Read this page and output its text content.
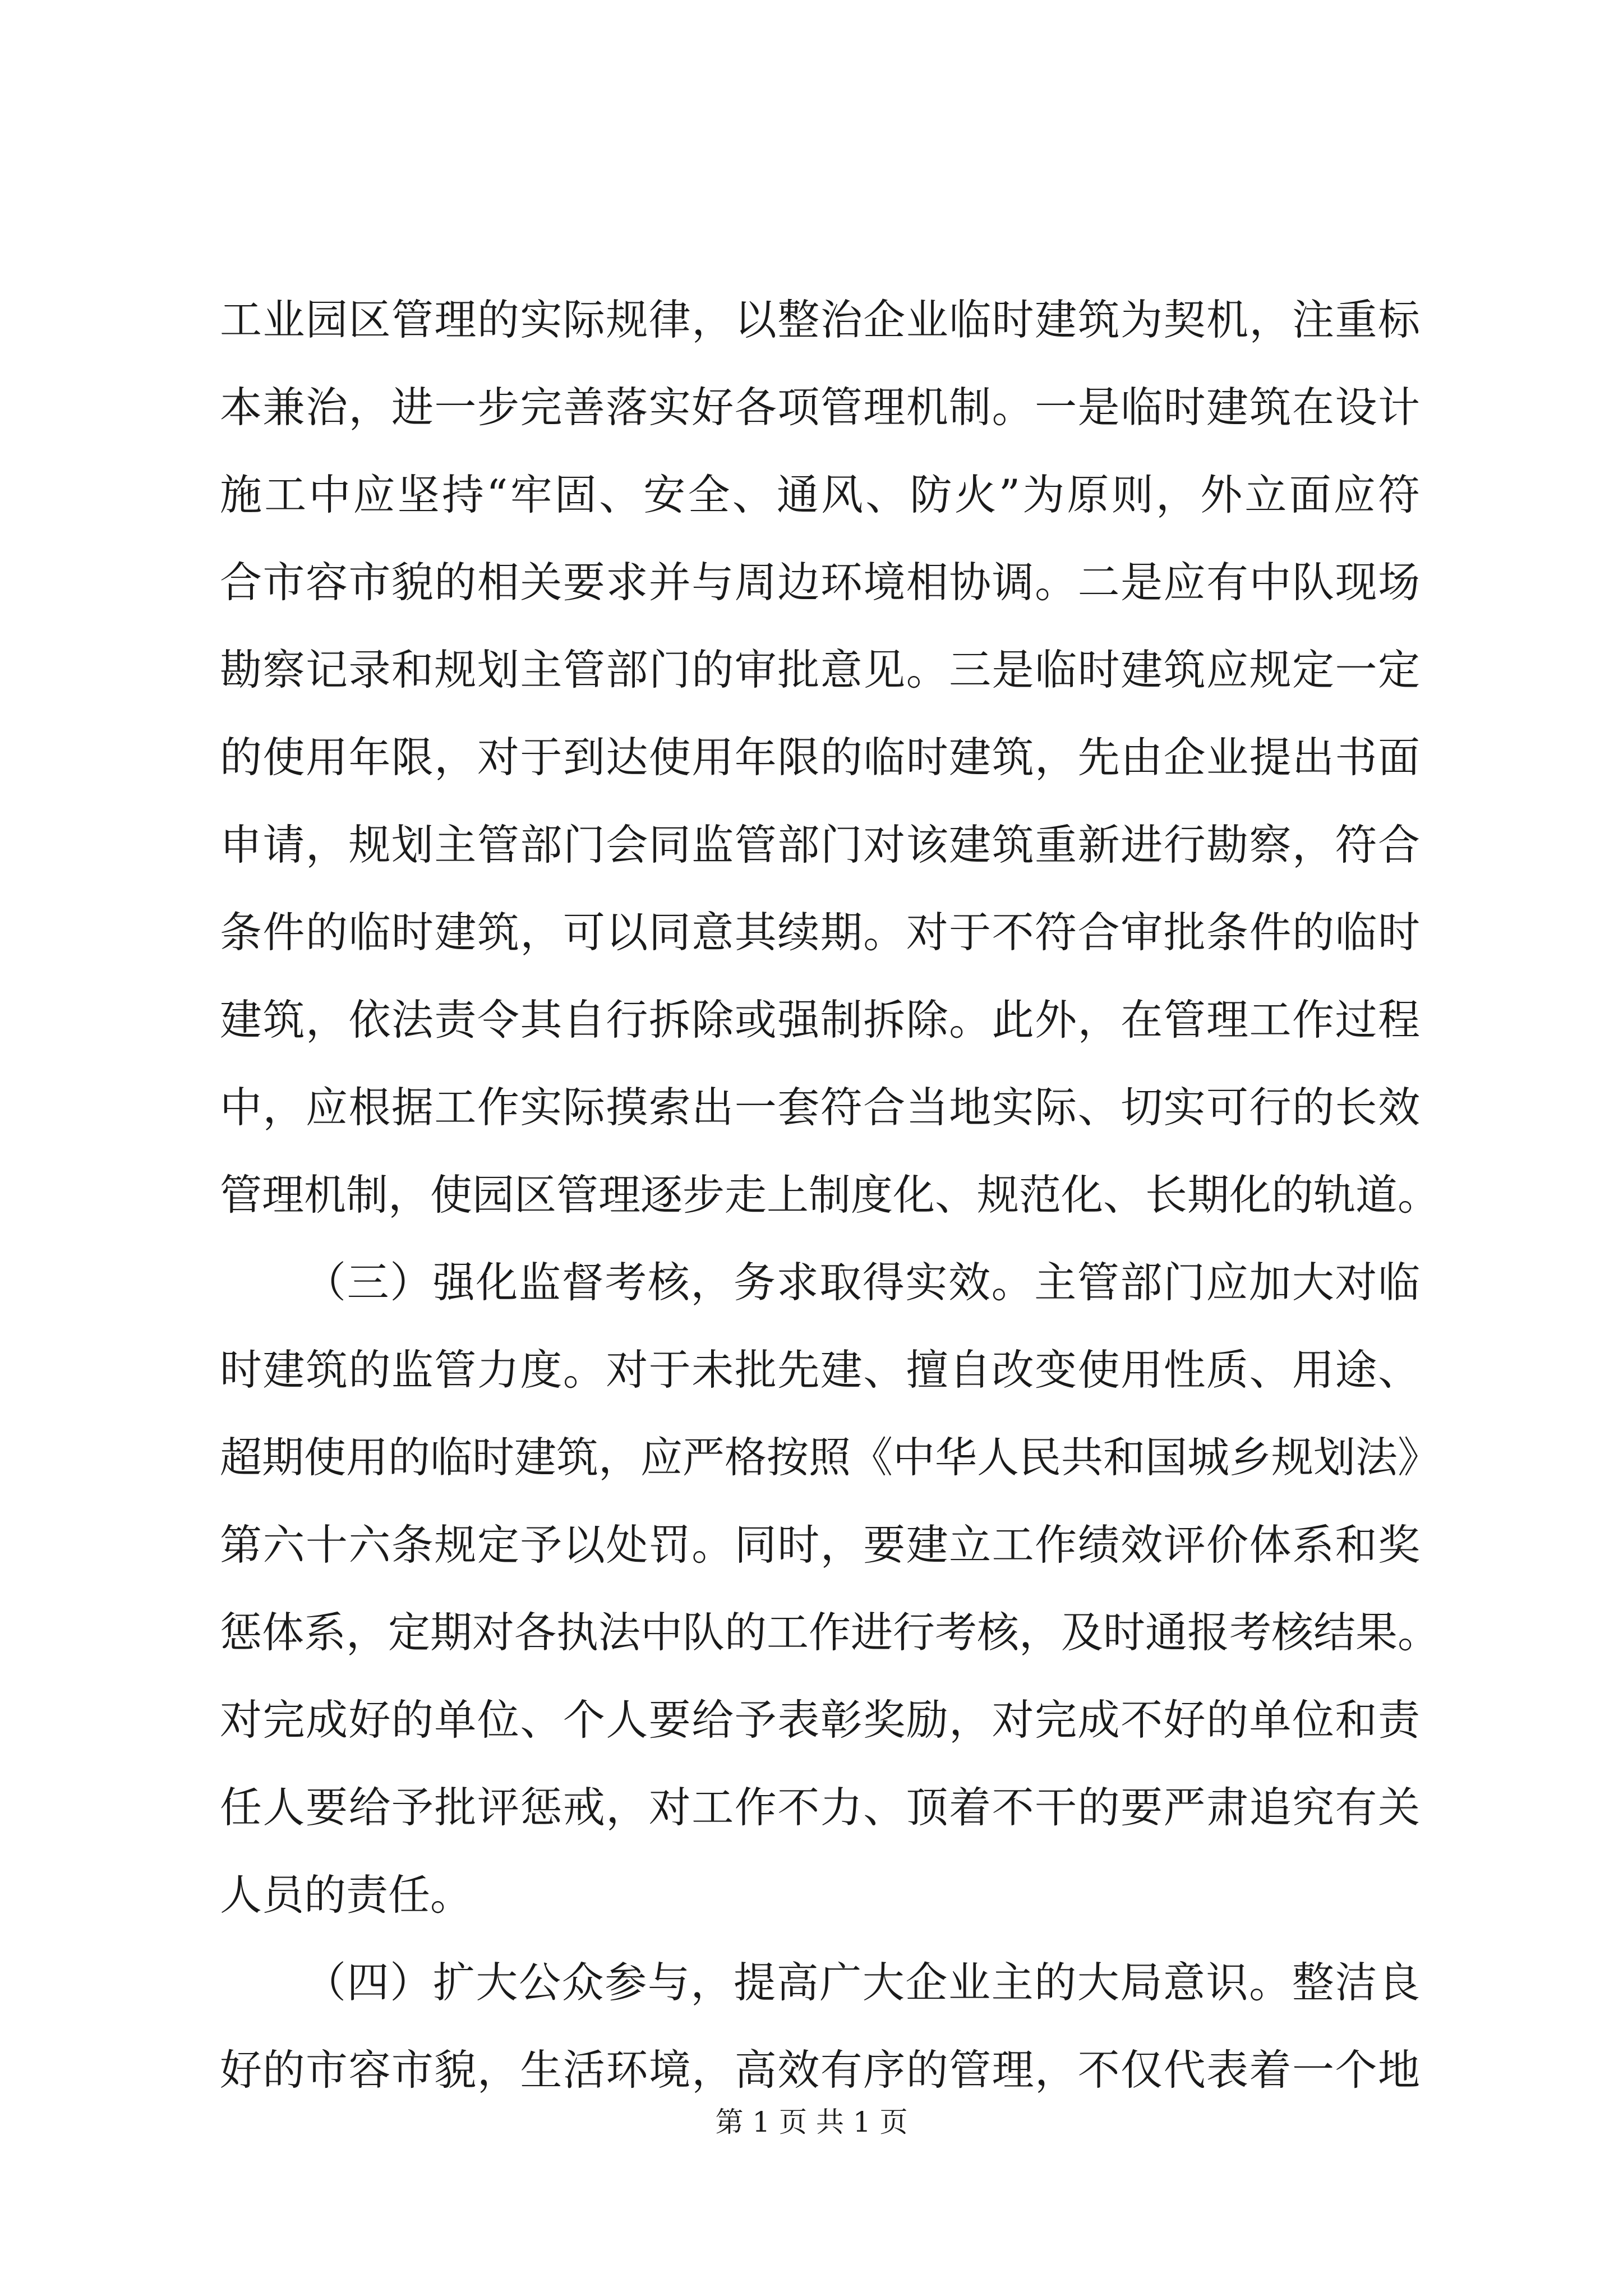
工业园区管理的实际规律，以整治企业临时建筑为契机，注重标
本兼治，进一步完善落实好各项管理机制。一是临时建筑在设计
施工中应坚持“牢固、安全、通风、防火”为原则，外立面应符
合市容市貌的相关要求并与周边环境相协调。二是应有中队现场
勘察记录和规划主管部门的审批意见。三是临时建筑应规定一定
的使用年限，对于到达使用年限的临时建筑，先由企业提出书面
申请，规划主管部门会同监管部门对该建筑重新进行勘察，符合
条件的临时建筑，可以同意其续期。对于不符合审批条件的临时
建筑，依法责令其自行拆除或强制拆除。此外，在管理工作过程
中，应根据工作实际摸索出一套符合当地实际、切实可行的长效
管理机制，使园区管理逐步走上制度化、规范化、长期化的轨道。
（三）强化监督考核，务求取得实效。主管部门应加大对临
时建筑的监管力度。对于未批先建、擅自改变使用性质、用途、
超期使用的临时建筑，应严格按照《中华人民共和国城乡规划法》
第六十六条规定予以处罚。同时，要建立工作绩效评价体系和奖
惩体系，定期对各执法中队的工作进行考核，及时通报考核结果。
对完成好的单位、个人要给予表彰奖励，对完成不好的单位和责
任人要给予批评惩戒，对工作不力、顶着不干的要严肃追究有关
人员的责任。
（四）扩大公众参与，提高广大企业主的大局意识。整洁良
好的市容市貌，生活环境，高效有序的管理，不仅代表着一个地
第 1 页 共 1 页
